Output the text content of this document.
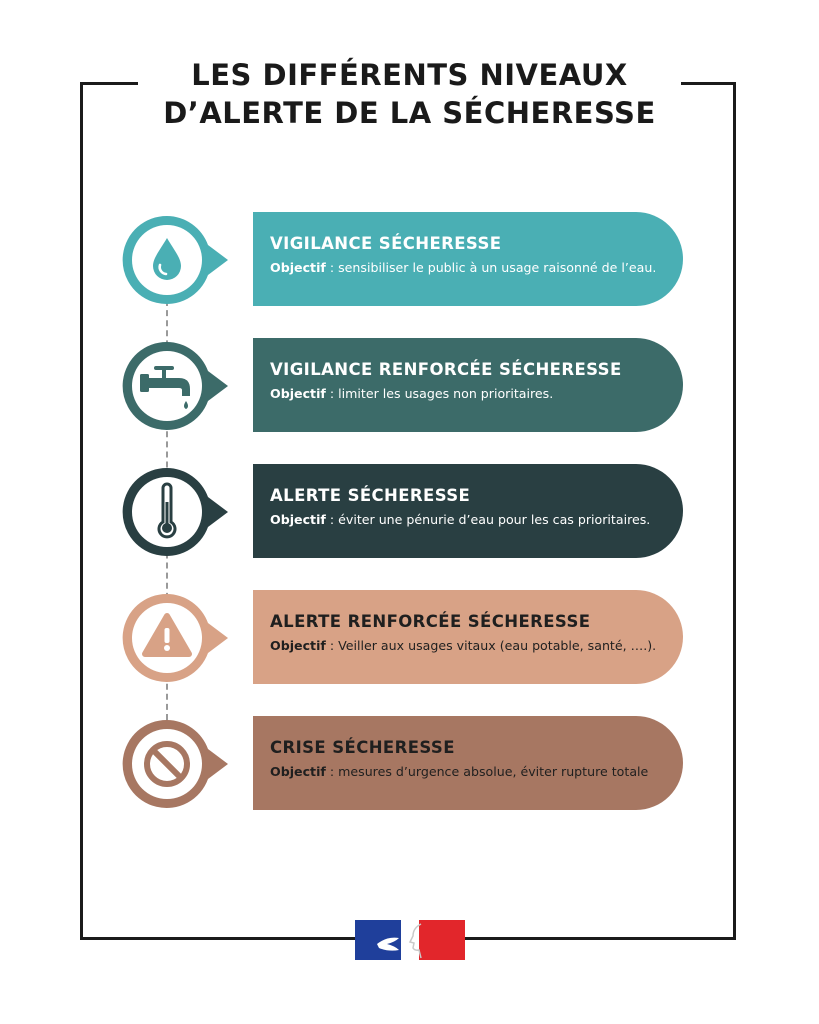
LES DIFFÉRENTS NIVEAUX
D’ALERTE DE LA SÉCHERESSE
VIGILANCE SÉCHERESSE
Objectif : sensibiliser le public à un usage raisonné de l’eau.
VIGILANCE RENFORCÉE SÉCHERESSE
Objectif : limiter les usages non prioritaires.
ALERTE SÉCHERESSE
Objectif : éviter une pénurie d’eau pour les cas prioritaires.
ALERTE RENFORCÉE SÉCHERESSE
Objectif : Veiller aux usages vitaux (eau potable, santé, ….).
CRISE SÉCHERESSE
Objectif : mesures d’urgence absolue, éviter rupture totale
